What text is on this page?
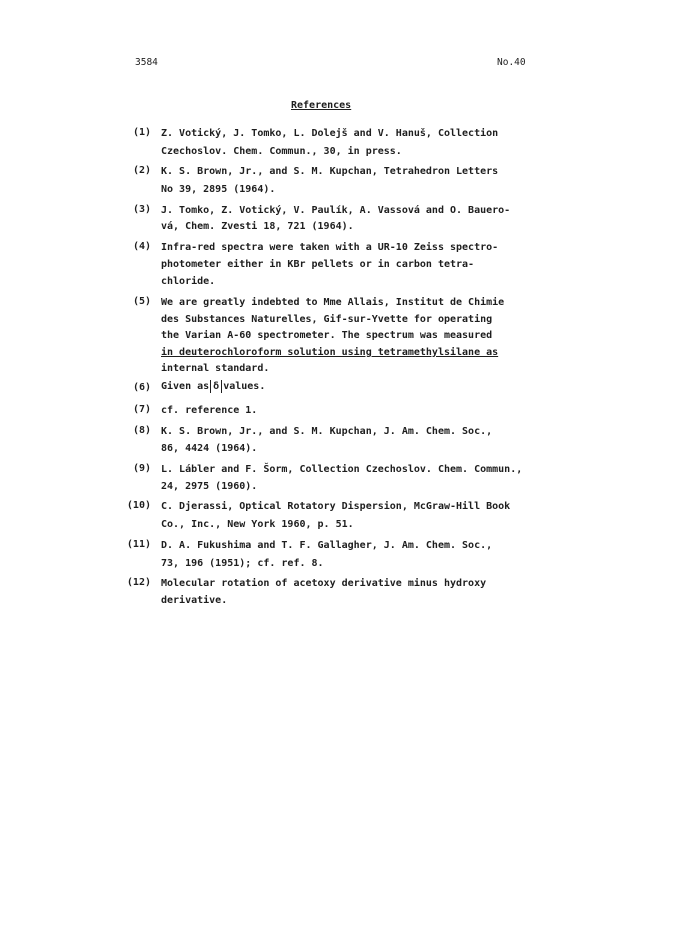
3584	No.40
References
(1) Z. Votický, J. Tomko, L. Dolejš and V. Hanuš, Collection
Czechoslov. Chem. Commun., 30, in press.
(2) K. S. Brown, Jr., and S. M. Kupchan, Tetrahedron Letters
No 39, 2895 (1964).
(3) J. Tomko, Z. Votický, V. Paulík, A. Vassová and O. Bauero-
vá, Chem. Zvesti 18, 721 (1964).
(4) Infra-red spectra were taken with a UR-10 Zeiss spectro-
photometer either in KBr pellets or in carbon tetra-
chloride.
(5) We are greatly indebted to Mme Allais, Institut de Chimie
des Substances Naturelles, Gif-sur-Yvette for operating
the Varian A-60 spectrometer. The spectrum was measured
in deuterochloroform solution using tetramethylsilane as
internal standard.
(6) Given as δ values.
(7) cf. reference 1.
(8) K. S. Brown, Jr., and S. M. Kupchan, J. Am. Chem. Soc.,
86, 4424 (1964).
(9) L. Lábler and F. Šorm, Collection Czechoslov. Chem. Commun.,
24, 2975 (1960).
(10) C. Djerassi, Optical Rotatory Dispersion, McGraw-Hill Book
Co., Inc., New York 1960, p. 51.
(11) D. A. Fukushima and T. F. Gallagher, J. Am. Chem. Soc.,
73, 196 (1951); cf. ref. 8.
(12) Molecular rotation of acetoxy derivative minus hydroxy
derivative.
